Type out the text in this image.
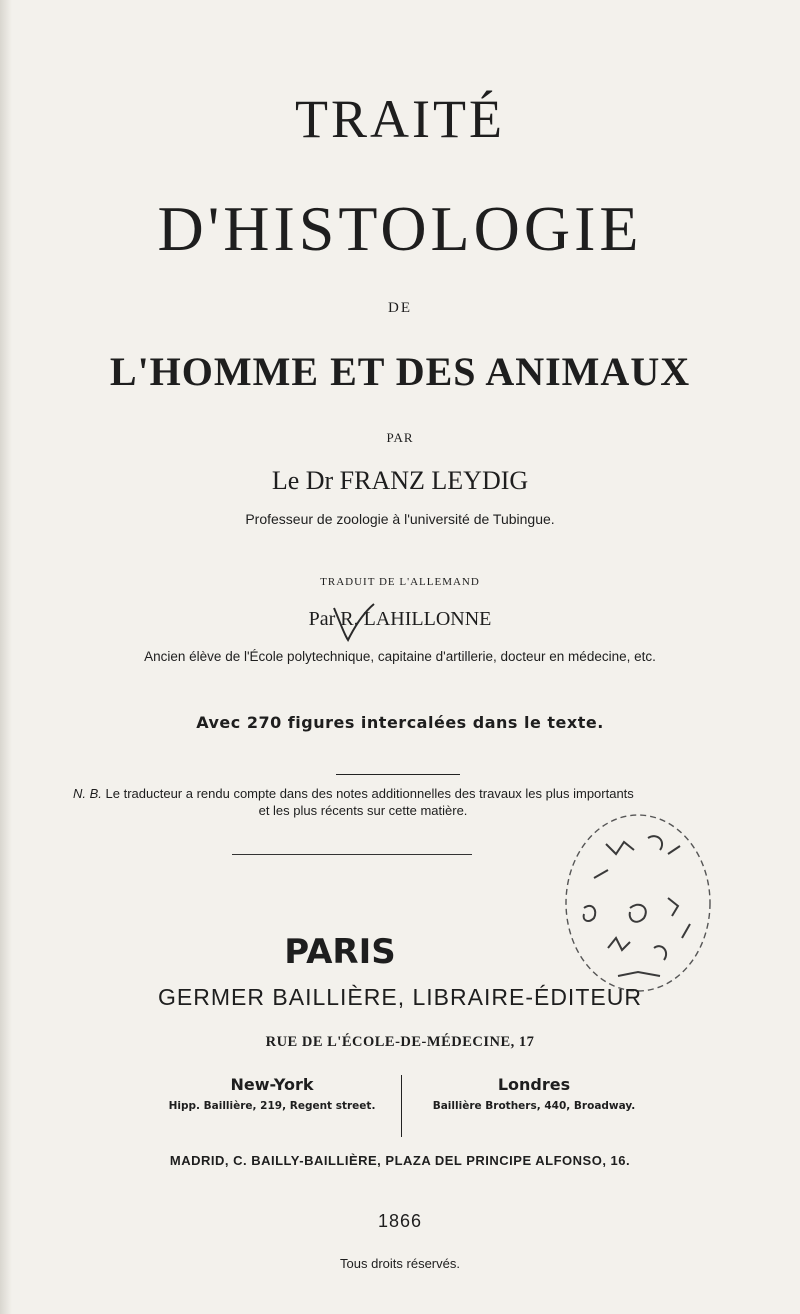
TRAITÉ
D'HISTOLOGIE
DE
L'HOMME ET DES ANIMAUX
PAR
Le Dr FRANZ LEYDIG
Professeur de zoologie à l'université de Tubingue.
TRADUIT DE L'ALLEMAND
Par R. LAHILLONNE
Ancien élève de l'École polytechnique, capitaine d'artillerie, docteur en médecine, etc.
Avec 270 figures intercalées dans le texte.
N. B. Le traducteur a rendu compte dans des notes additionnelles des travaux les plus importants
et les plus récents sur cette matière.
PARIS
GERMER BAILLIÈRE, LIBRAIRE-ÉDITEUR
RUE DE L'ÉCOLE-DE-MÉDECINE, 17
New-York
Hipp. Baillière, 219, Regent street.
Londres
Baillière Brothers, 440, Broadway.
MADRID, C. BAILLY-BAILLIÈRE, PLAZA DEL PRINCIPE ALFONSO, 16.
1866
Tous droits réservés.
